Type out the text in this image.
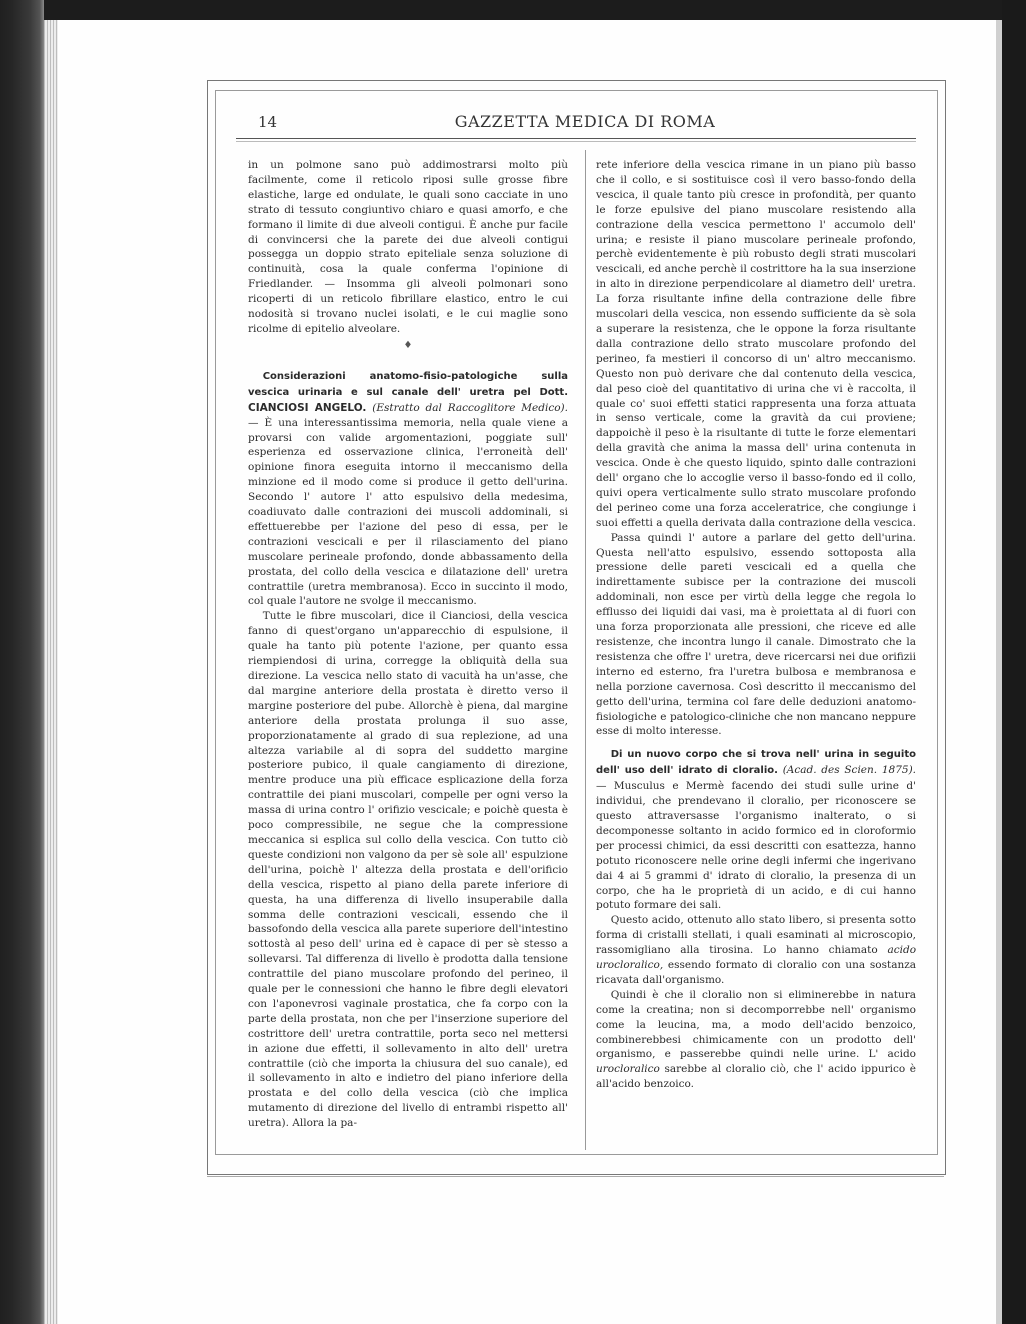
14	GAZZETTA MEDICA DI ROMA

in un polmone sano può addimostrarsi molto più facilmente, come il reticolo riposi sulle grosse fibre elastiche, large ed ondulate, le quali sono cacciate in uno strato di tessuto congiuntivo chiaro e quasi amorfo, e che formano il limite di due alveoli contigui. È anche pur facile di convincersi che la parete dei due alveoli contigui possegga un doppio strato epiteliale senza soluzione di continuità, cosa la quale conferma l'opinione di Friedlander. — Insomma gli alveoli polmonari sono ricoperti di un reticolo fibrillare elastico, entro le cui nodosità si trovano nuclei isolati, e le cui maglie sono ricolme di epitelio alveolare.

♦

Considerazioni anatomo-fisio-patologiche sulla vescica urinaria e sul canale dell' uretra pel Dott. CIANCIOSI ANGELO. (Estratto dal Raccoglitore Medico). — È una interessantissima memoria, nella quale viene a provarsi con valide argomentazioni, poggiate sull' esperienza ed osservazione clinica, l'erroneità dell' opinione finora eseguita intorno il meccanismo della minzione ed il modo come si produce il getto dell'urina. Secondo l' autore l' atto espulsivo della medesima, coadiuvato dalle contrazioni dei muscoli addominali, si effettuerebbe per l'azione del peso di essa, per le contrazioni vescicali e per il rilasciamento del piano muscolare perineale profondo, donde abbassamento della prostata, del collo della vescica e dilatazione dell' uretra contrattile (uretra membranosa). Ecco in succinto il modo, col quale l'autore ne svolge il meccanismo.

Tutte le fibre muscolari, dice il Cianciosi, della vescica fanno di quest'organo un'apparecchio di espulsione, il quale ha tanto più potente l'azione, per quanto essa riempiendosi di urina, corregge la obliquità della sua direzione. La vescica nello stato di vacuità ha un'asse, che dal margine anteriore della prostata è diretto verso il margine posteriore del pube. Allorchè è piena, dal margine anteriore della prostata prolunga il suo asse, proporzionatamente al grado di sua replezione, ad una altezza variabile al di sopra del suddetto margine posteriore pubico, il quale cangiamento di direzione, mentre produce una più efficace esplicazione della forza contrattile dei piani muscolari, compelle per ogni verso la massa di urina contro l' orifizio vescicale; e poichè questa è poco compressibile, ne segue che la compressione meccanica si esplica sul collo della vescica. Con tutto ciò queste condizioni non valgono da per sè sole all' espulzione dell'urina, poichè l' altezza della prostata e dell'orificio della vescica, rispetto al piano della parete inferiore di questa, ha una differenza di livello insuperabile dalla somma delle contrazioni vescicali, essendo che il bassofondo della vescica alla parete superiore dell'intestino sottostà al peso dell' urina ed è capace di per sè stesso a sollevarsi. Tal differenza di livello è prodotta dalla tensione contrattile del piano muscolare profondo del perineo, il quale per le connessioni che hanno le fibre degli elevatori con l'aponevrosi vaginale prostatica, che fa corpo con la parte della prostata, non che per l'inserzione superiore del costrittore dell' uretra contrattile, porta seco nel mettersi in azione due effetti, il sollevamento in alto dell' uretra contrattile (ciò che importa la chiusura del suo canale), ed il sollevamento in alto e indietro del piano inferiore della prostata e del collo della vescica (ciò che implica mutamento di direzione del livello di entrambi rispetto all' uretra). Allora la pa-

rete inferiore della vescica rimane in un piano più basso che il collo, e si sostituisce così il vero basso-fondo della vescica, il quale tanto più cresce in profondità, per quanto le forze epulsive del piano muscolare resistendo alla contrazione della vescica permettono l' accumolo dell' urina; e resiste il piano muscolare perineale profondo, perchè evidentemente è più robusto degli strati muscolari vescicali, ed anche perchè il costrittore ha la sua inserzione in alto in direzione perpendicolare al diametro dell' uretra. La forza risultante infine della contrazione delle fibre muscolari della vescica, non essendo sufficiente da sè sola a superare la resistenza, che le oppone la forza risultante dalla contrazione dello strato muscolare profondo del perineo, fa mestieri il concorso di un' altro meccanismo. Questo non può derivare che dal contenuto della vescica, dal peso cioè del quantitativo di urina che vi è raccolta, il quale co' suoi effetti statici rappresenta una forza attuata in senso verticale, come la gravità da cui proviene; dappoichè il peso è la risultante di tutte le forze elementari della gravità che anima la massa dell' urina contenuta in vescica. Onde è che questo liquido, spinto dalle contrazioni dell' organo che lo accoglie verso il basso-fondo ed il collo, quivi opera verticalmente sullo strato muscolare profondo del perineo come una forza acceleratrice, che congiunge i suoi effetti a quella derivata dalla contrazione della vescica.

Passa quindi l' autore a parlare del getto dell'urina. Questa nell'atto espulsivo, essendo sottoposta alla pressione delle pareti vescicali ed a quella che indirettamente subisce per la contrazione dei muscoli addominali, non esce per virtù della legge che regola lo efflusso dei liquidi dai vasi, ma è proiettata al di fuori con una forza proporzionata alle pressioni, che riceve ed alle resistenze, che incontra lungo il canale. Dimostrato che la resistenza che offre l' uretra, deve ricercarsi nei due orifizii interno ed esterno, fra l'uretra bulbosa e membranosa e nella porzione cavernosa. Così descritto il meccanismo del getto dell'urina, termina col fare delle deduzioni anatomo-fisiologiche e patologico-cliniche che non mancano neppure esse di molto interesse.

Di un nuovo corpo che si trova nell' urina in seguito dell' uso dell' idrato di cloralio. (Acad. des Scien. 1875). — Musculus e Mermè facendo dei studi sulle urine d' individui, che prendevano il cloralio, per riconoscere se questo attraversasse l'organismo inalterato, o si decomponesse soltanto in acido formico ed in cloroformio per processi chimici, da essi descritti con esattezza, hanno potuto riconoscere nelle orine degli infermi che ingerivano dai 4 ai 5 grammi d' idrato di cloralio, la presenza di un corpo, che ha le proprietà di un acido, e di cui hanno potuto formare dei sali.

Questo acido, ottenuto allo stato libero, si presenta sotto forma di cristalli stellati, i quali esaminati al microscopio, rassomigliano alla tirosina. Lo hanno chiamato acido urocloralico, essendo formato di cloralio con una sostanza ricavata dall'organismo.

Quindi è che il cloralio non si eliminerebbe in natura come la creatina; non si decomporrebbe nell' organismo come la leucina, ma, a modo dell'acido benzoico, combinerebbesi chimicamente con un prodotto dell' organismo, e passerebbe quindi nelle urine. L' acido urocloralico sarebbe al cloralio ciò, che l' acido ippurico è all'acido benzoico.
